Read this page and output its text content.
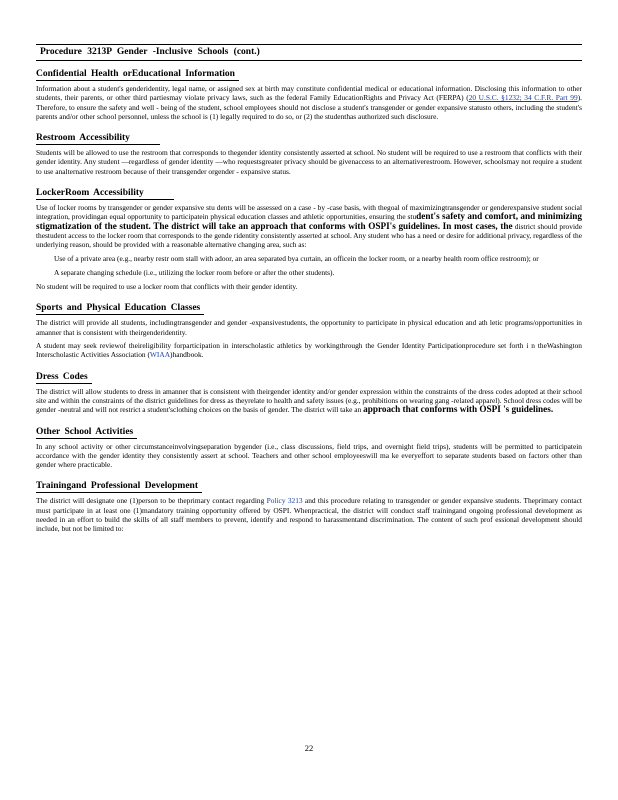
Procedure 3213P Gender -Inclusive Schools (cont.)
Confidential Health orEducational Information

Information about a student's genderidentity, legal name, or assigned sex at birth may constitute confidential medical or educational information. Disclosing this information to other students, their parents, or other third partiesmay violate privacy laws, such as the federal Family EducationRights and Privacy Act (FERPA) (20 U.S.C. §1232; 34 C.F.R. Part 99). Therefore, to ensure the safety and well - being of the student, school employees should not disclose a student's transgender or gender expansive statusto others, including the student's parents and/or other school personnel, unless the school is (1) legally required to do so, or (2) the studenthas authorized such disclosure.

Restroom Accessibility

Students will be allowed to use the restroom that corresponds to thegender identity consistently asserted at school. No student will be required to use a restroom that conflicts with their gender identity. Any student —regardless of gender identity —who requestsgreater privacy should be givenaccess to an alternativerestroom. However, schoolsmay not require a student to use analternative restroom because of their transgender orgender - expansive status.

LockerRoom Accessibility

Use of locker rooms by transgender or gender expansive stu dents will be assessed on a case - by -case basis, with thegoal of maximizingtransgender or genderexpansive student social integration, providingan equal opportunity to participatein physical education classes and athletic opportunities, ensuring the student's safety and comfort, and minimizing stigmatization of the student. The district will take an approach that conforms with OSPI's guidelines. In most cases, the district should provide thestudent access to the locker room that corresponds to the gende ridentity consistently asserted at school. Any student who has a need or desire for additional privacy, regardless of the underlying reason, should be provided with a reasonable alternative changing area, such as:

Use of a private area (e.g., nearby restr oom stall with adoor, an area separated bya curtain, an officein the locker room, or a nearby health room office restroom); or

A separate changing schedule (i.e., utilizing the locker room before or after the other students).

No student will be required to use a locker room that conflicts with their gender identity.

Sports and Physical Education Classes

The district will provide all students, includingtransgender and gender -expansivestudents, the opportunity to participate in physical education and ath letic programs/opportunities in amanner that is consistent with theirgenderidentity.

A student may seek reviewof theireligibility forparticipation in interscholastic athletics by workingthrough the Gender Identity Participationprocedure set forth i n theWashington Interscholastic Activities Association (WIAA)handbook.

Dress Codes

The district will allow students to dress in amanner that is consistent with theirgender identity and/or gender expression within the constraints of the dress codes adopted at their school site and within the constraints of the district guidelines for dress as theyrelate to health and safety issues (e.g., prohibitions on wearing gang -related apparel). School dress codes will be gender -neutral and will not restrict a student'sclothing choices on the basis of gender. The district will take an approach that conforms with OSPI 's guidelines.

Other School Activities

In any school activity or other circumstanceinvolvingseparation bygender (i.e., class discussions, field trips, and overnight field trips), students will be permitted to participatein accordance with the gender identity they consistently assert at school. Teachers and other school employeeswill ma ke everyeffort to separate students based on factors other than gender where practicable.

Trainingand Professional Development

The district will designate one (1)person to be theprimary contact regarding Policy 3213 and this procedure relating to transgender or gender expansive students. Theprimary contact must participate in at least one (1)mandatory training opportunity offered by OSPI. Whenpractical, the district will conduct staff trainingand ongoing professional development as needed in an effort to build the skills of all staff members to prevent, identify and respond to harassmentand discrimination. The content of such prof essional development should include, but not be limited to:

22
